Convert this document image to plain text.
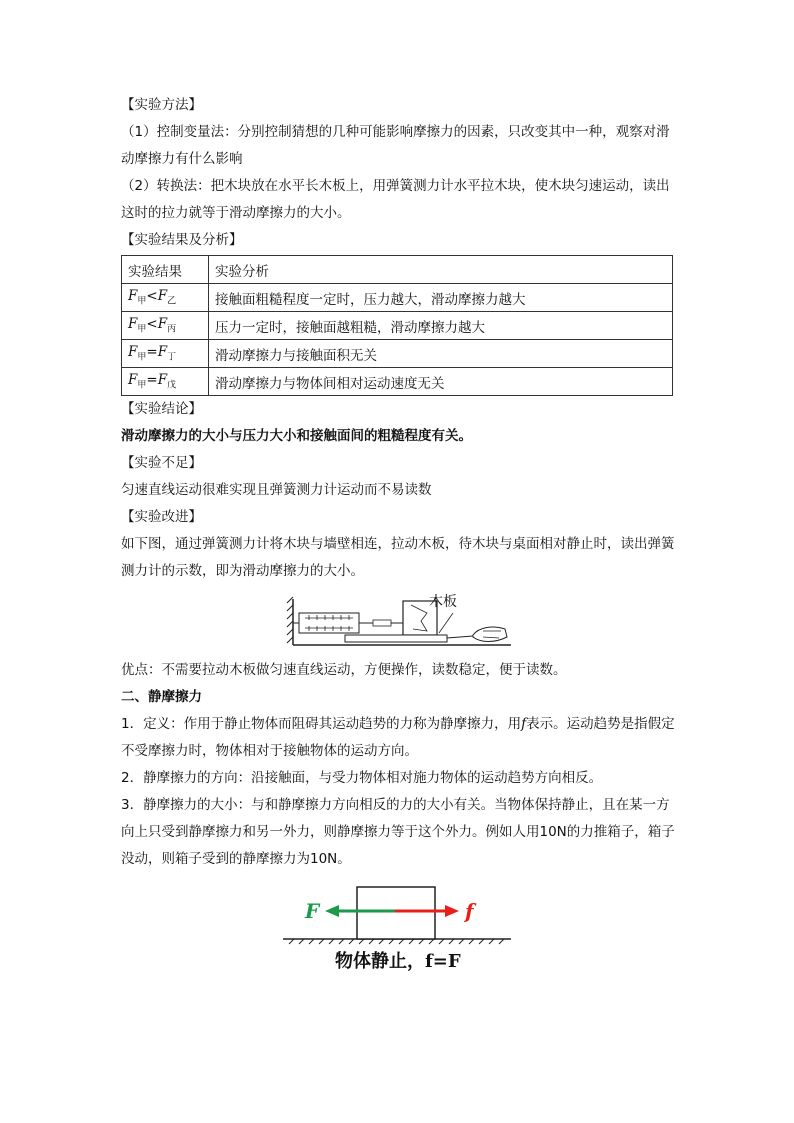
【实验方法】

（1）控制变量法：分别控制猜想的几种可能影响摩擦力的因素，只改变其中一种，观察对滑动摩擦力有什么影响

（2）转换法：把木块放在水平长木板上，用弹簧测力计水平拉木块，使木块匀速运动，读出这时的拉力就等于滑动摩擦力的大小。

【实验结果及分析】

实验结果	实验分析
$F_甲<F_乙$	接触面粗糙程度一定时，压力越大，滑动摩擦力越大
$F_甲<F_丙$	压力一定时，接触面越粗糙，滑动摩擦力越大
$F_甲=F_丁$	滑动摩擦力与接触面积无关
$F_甲=F_戊$	滑动摩擦力与物体间相对运动速度无关

【实验结论】

滑动摩擦力的大小与压力大小和接触面间的粗糙程度有关。

【实验不足】

匀速直线运动很难实现且弹簧测力计运动而不易读数

【实验改进】

如下图，通过弹簧测力计将木块与墙壁相连，拉动木板，待木块与桌面相对静止时，读出弹簧测力计的示数，即为滑动摩擦力的大小。

木板

优点：不需要拉动木板做匀速直线运动，方便操作，读数稳定，便于读数。

二、静摩擦力

1．定义：作用于静止物体而阻碍其运动趋势的力称为静摩擦力，用f表示。运动趋势是指假定不受摩擦力时，物体相对于接触物体的运动方向。

2．静摩擦力的方向：沿接触面，与受力物体相对施力物体的运动趋势方向相反。

3．静摩擦力的大小：与和静摩擦力方向相反的力的大小有关。当物体保持静止，且在某一方向上只受到静摩擦力和另一外力，则静摩擦力等于这个外力。例如人用10N的力推箱子，箱子没动，则箱子受到的静摩擦力为10N。

F	f
物体静止，f=F
